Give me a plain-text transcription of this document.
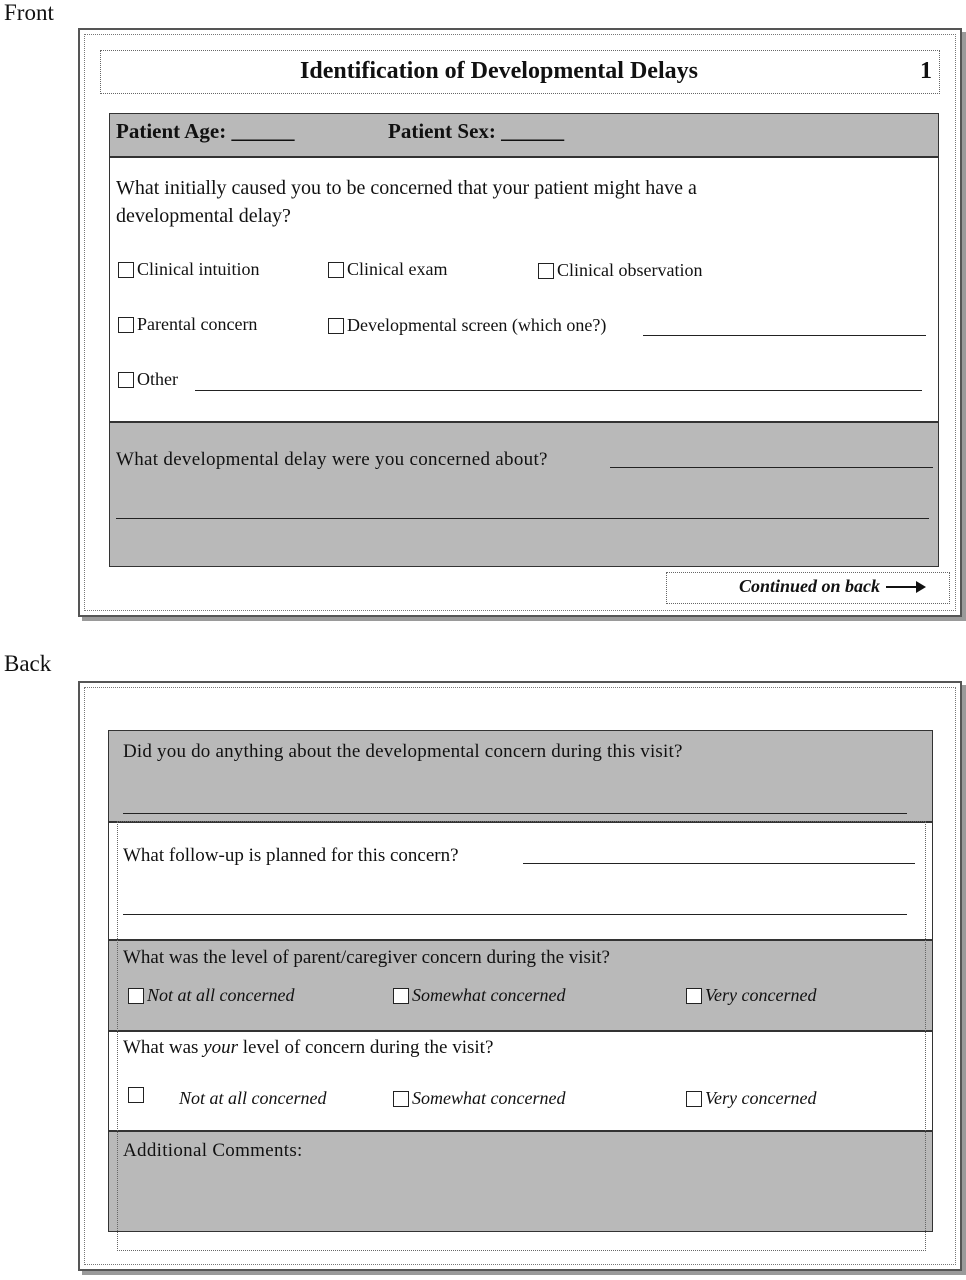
Front
Identification of Developmental Delays	1
Patient Age: ______	Patient Sex: ______
What initially caused you to be concerned that your patient might have a
developmental delay?
Clinical intuition	Clinical exam	Clinical observation
Parental concern	Developmental screen (which one?)
Other
What developmental delay were you concerned about?
Continued on back
Back
Did you do anything about the developmental concern during this visit?
What follow-up is planned for this concern?
What was the level of parent/caregiver concern during the visit?
Not at all concerned	Somewhat concerned	Very concerned
What was your level of concern during the visit?
Not at all concerned	Somewhat concerned	Very concerned
Additional Comments:
